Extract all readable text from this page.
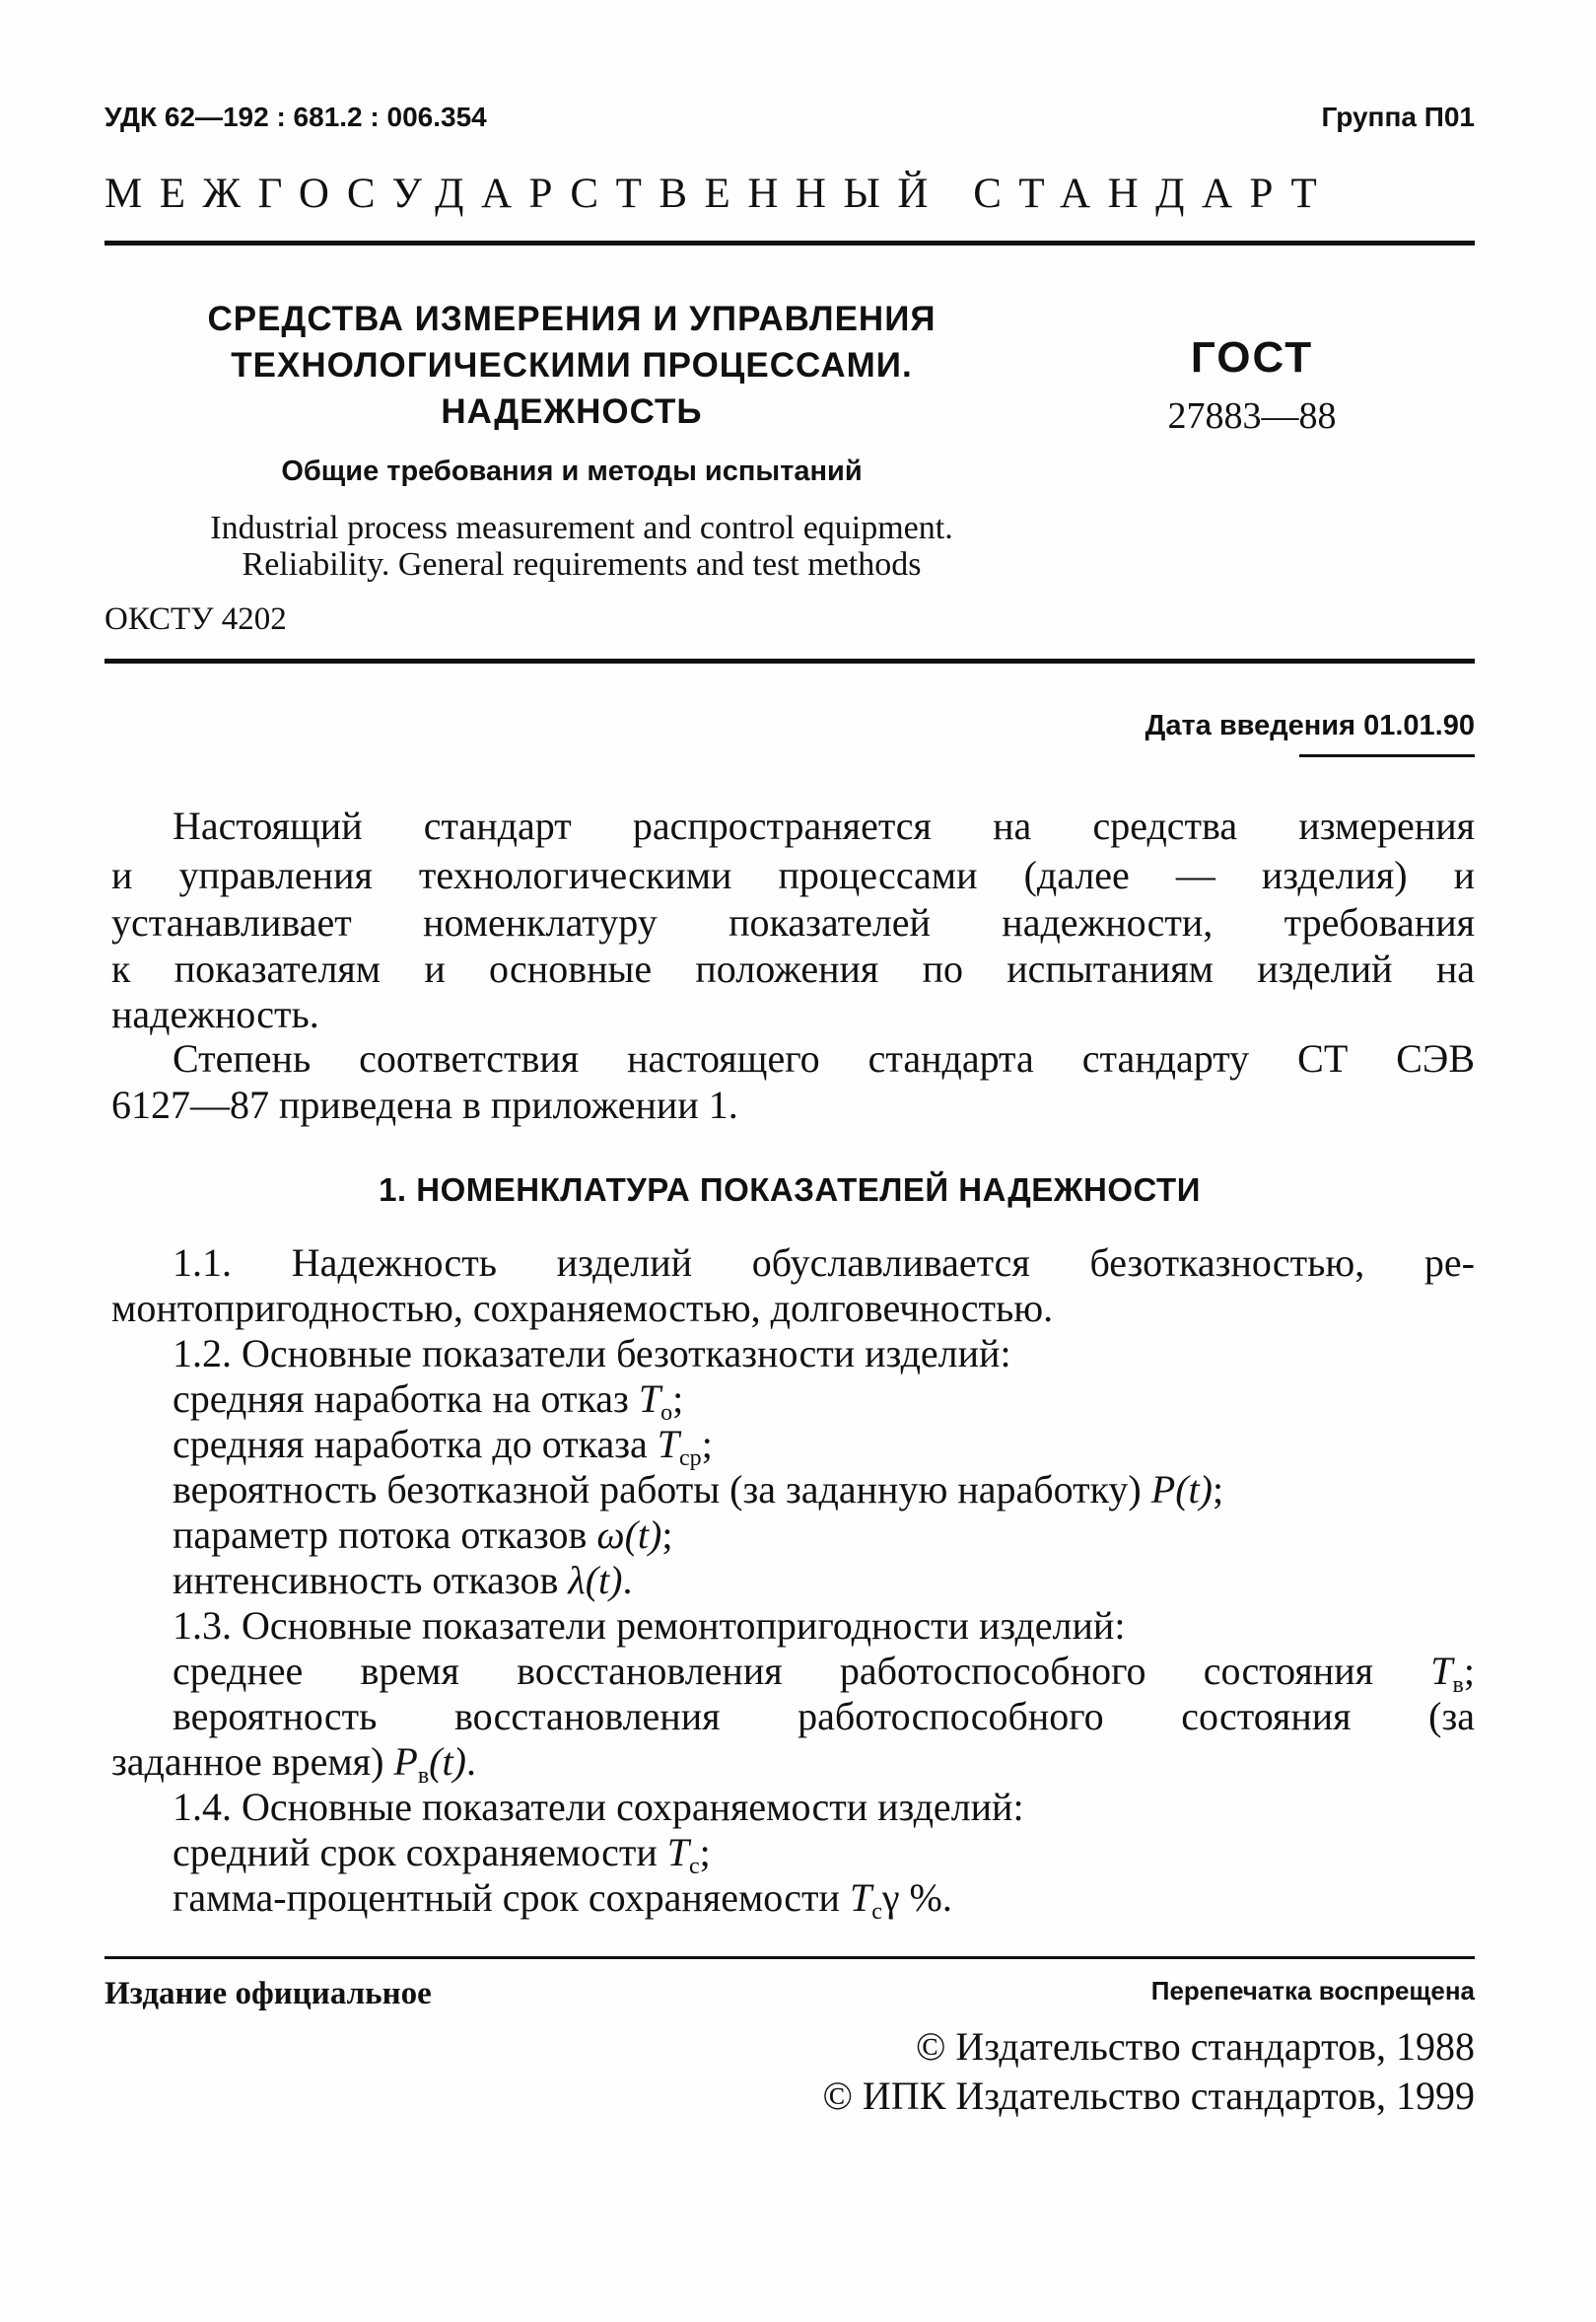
УДК 62—192 : 681.2 : 006.354	Группа П01
МЕЖГОСУДАРСТВЕННЫЙ СТАНДАРТ
СРЕДСТВА ИЗМЕРЕНИЯ И УПРАВЛЕНИЯ
ТЕХНОЛОГИЧЕСКИМИ ПРОЦЕССАМИ.
НАДЕЖНОСТЬ
Общие требования и методы испытаний
Industrial process measurement and control equipment.
Reliability. General requirements and test methods
ОКСТУ 4202
ГОСТ
27883—88
Дата введения 01.01.90
Настоящий стандарт распространяется на средства измерения
и управления технологическими процессами (далее — изделия) и
устанавливает номенклатуру показателей надежности, требования
к показателям и основные положения по испытаниям изделий на
надежность.
Степень соответствия настоящего стандарта стандарту СТ СЭВ
6127—87 приведена в приложении 1.
1. НОМЕНКЛАТУРА ПОКАЗАТЕЛЕЙ НАДЕЖНОСТИ
1.1. Надежность изделий обуславливается безотказностью, ре-
монтопригодностью, сохраняемостью, долговечностью.
1.2. Основные показатели безотказности изделий:
средняя наработка на отказ $T_о$;
средняя наработка до отказа $T_{ср}$;
вероятность безотказной работы (за заданную наработку) P(t);
параметр потока отказов ω(t);
интенсивность отказов λ(t).
1.3. Основные показатели ремонтопригодности изделий:
среднее время восстановления работоспособного состояния $T_в$;
вероятность восстановления работоспособного состояния (за
заданное время) $P_в(t)$.
1.4. Основные показатели сохраняемости изделий:
средний срок сохраняемости $T_с$;
гамма-процентный срок сохраняемости $T_с\gamma$ %.
Издание официальное	Перепечатка воспрещена
© Издательство стандартов, 1988
© ИПК Издательство стандартов, 1999
